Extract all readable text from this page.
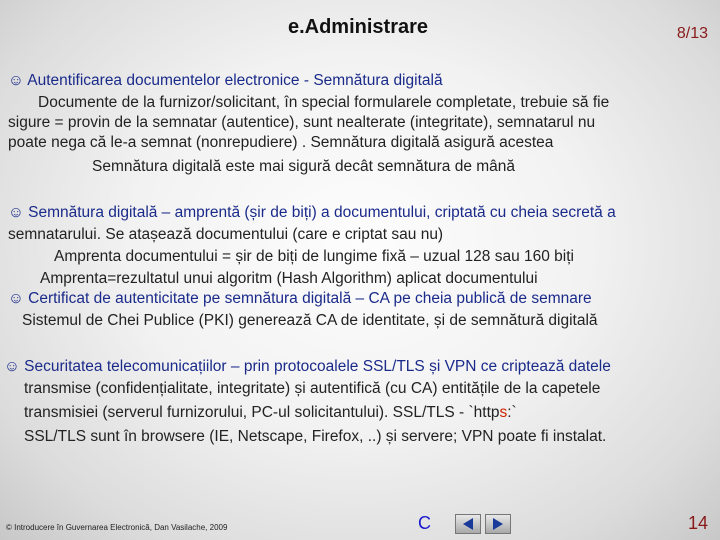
e.Administrare	8/13
☺ Autentificarea documentelor electronice - Semnătura digitală
Documente de la furnizor/solicitant, în special formularele completate, trebuie să fie
sigure = provin de la semnatar (autentice), sunt nealterate (integritate), semnatarul nu
poate nega că le-a semnat (nonrepudiere) . Semnătura digitală asigură acestea
Semnătura digitală este mai sigură decât semnătura de mână
☺ Semnătura digitală – amprentă (șir de biți) a documentului, criptată cu cheia secretă a
semnatarului. Se atașează documentului (care e criptat sau nu)
Amprenta documentului = șir de biți de lungime fixă – uzual 128 sau 160 biți
Amprenta=rezultatul unui algoritm (Hash Algorithm) aplicat documentului
☺ Certificat de autenticitate pe semnătura digitală – CA pe cheia publică de semnare
Sistemul de Chei Publice (PKI) generează CA de identitate, și de semnătură digitală
☺ Securitatea telecomunicațiilor – prin protocoalele SSL/TLS și VPN ce criptează datele
transmise (confidențialitate, integritate) și autentifică (cu CA) entitățile de la capetele
transmisiei (serverul furnizorului, PC-ul solicitantului). SSL/TLS - `https:`
SSL/TLS sunt în browsere (IE, Netscape, Firefox, ..) și servere; VPN poate fi instalat.
© Introducere în Guvernarea Electronică, Dan Vasilache, 2009	C	14
